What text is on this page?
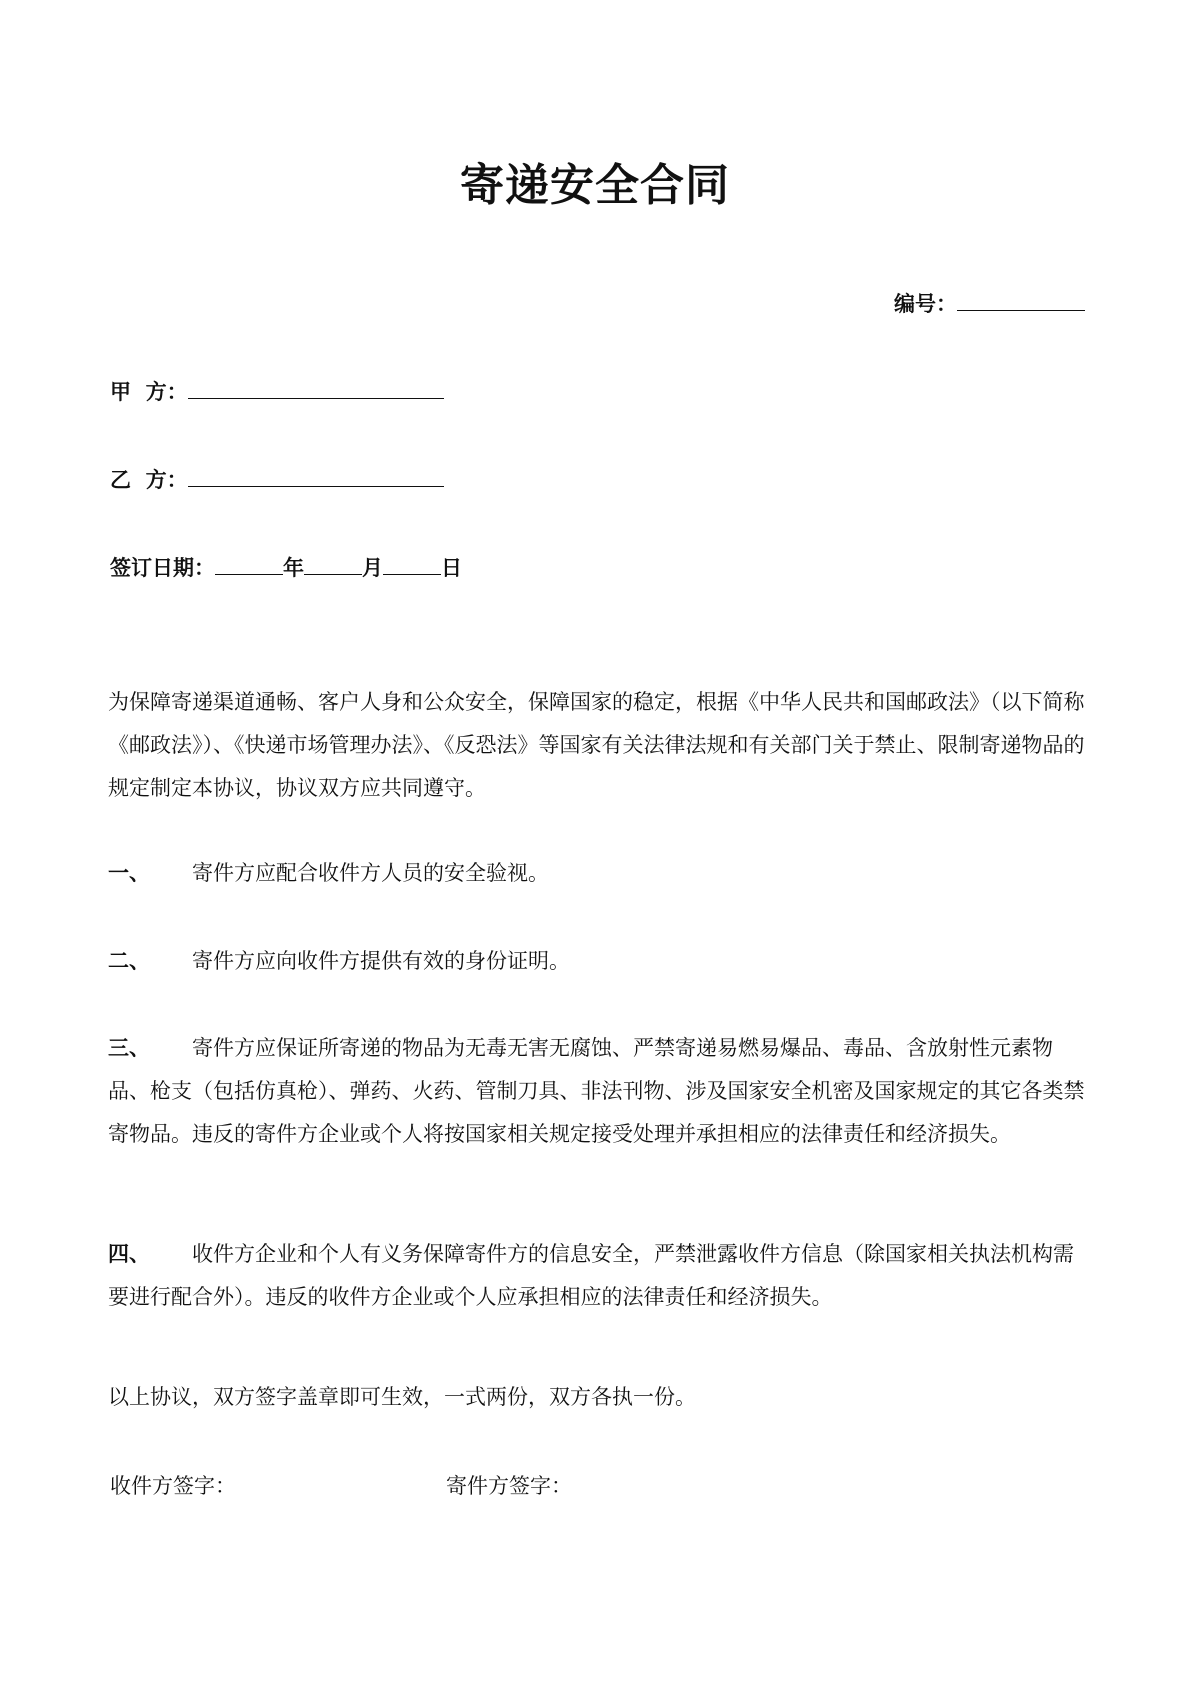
寄递安全合同
编号：
甲  方：
乙  方：
签订日期：	年	月	日

为保障寄递渠道通畅、客户人身和公众安全，保障国家的稳定，根据《中华人民共和国邮政法》（以下简称《邮政法》）、《快递市场管理办法》、《反恐法》等国家有关法律法规和有关部门关于禁止、限制寄递物品的规定制定本协议，协议双方应共同遵守。

一、 寄件方应配合收件方人员的安全验视。

二、 寄件方应向收件方提供有效的身份证明。

三、 寄件方应保证所寄递的物品为无毒无害无腐蚀、严禁寄递易燃易爆品、毒品、含放射性元素物品、枪支（包括仿真枪）、弹药、火药、管制刀具、非法刊物、涉及国家安全机密及国家规定的其它各类禁寄物品。违反的寄件方企业或个人将按国家相关规定接受处理并承担相应的法律责任和经济损失。

四、 收件方企业和个人有义务保障寄件方的信息安全，严禁泄露收件方信息（除国家相关执法机构需要进行配合外）。违反的收件方企业或个人应承担相应的法律责任和经济损失。

以上协议，双方签字盖章即可生效，一式两份，双方各执一份。

收件方签字：	寄件方签字：
